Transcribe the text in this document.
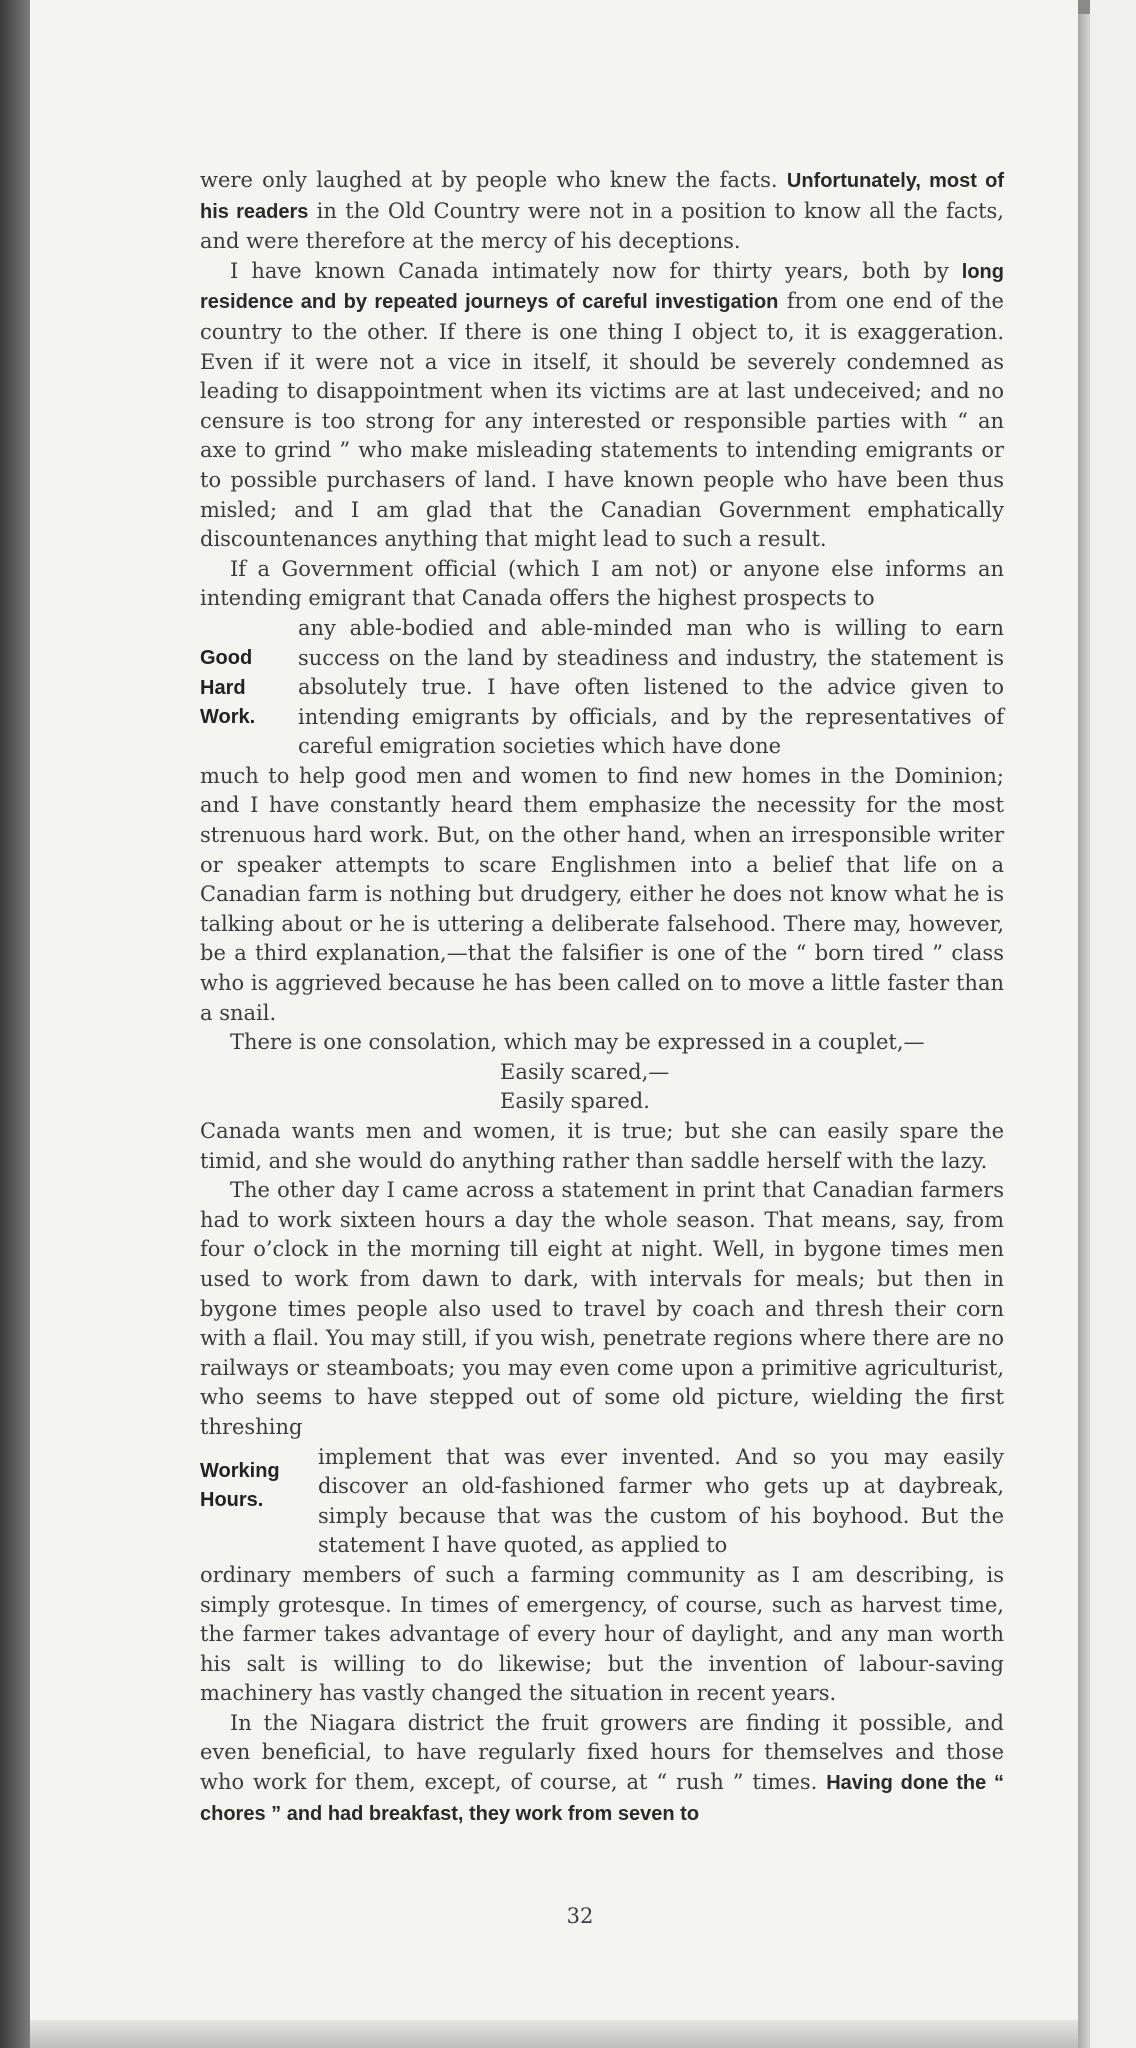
were only laughed at by people who knew the facts. Unfortunately, most of his readers in the Old Country were not in a position to know all the facts, and were therefore at the mercy of his deceptions.

I have known Canada intimately now for thirty years, both by long residence and by repeated journeys of careful investigation from one end of the country to the other. If there is one thing I object to, it is exaggeration. Even if it were not a vice in itself, it should be severely condemned as leading to disappointment when its victims are at last undeceived; and no censure is too strong for any interested or responsible parties with “ an axe to grind ” who make misleading statements to intending emigrants or to possible purchasers of land. I have known people who have been thus misled; and I am glad that the Canadian Government emphatically discountenances anything that might lead to such a result.

If a Government official (which I am not) or anyone else informs an intending emigrant that Canada offers the highest prospects to

Good
Hard
Work.
any able-bodied and able-minded man who is willing to earn success on the land by steadiness and industry, the statement is absolutely true. I have often listened to the advice given to intending emigrants by officials, and by the representatives of careful emigration societies which have done

much to help good men and women to find new homes in the Dominion; and I have constantly heard them emphasize the necessity for the most strenuous hard work. But, on the other hand, when an irresponsible writer or speaker attempts to scare Englishmen into a belief that life on a Canadian farm is nothing but drudgery, either he does not know what he is talking about or he is uttering a deliberate falsehood. There may, however, be a third explanation,—that the falsifier is one of the “ born tired ” class who is aggrieved because he has been called on to move a little faster than a snail.

There is one consolation, which may be expressed in a couplet,—

Easily scared,—
Easily spared.

Canada wants men and women, it is true; but she can easily spare the timid, and she would do anything rather than saddle herself with the lazy.

The other day I came across a statement in print that Canadian farmers had to work sixteen hours a day the whole season. That means, say, from four o’clock in the morning till eight at night. Well, in bygone times men used to work from dawn to dark, with intervals for meals; but then in bygone times people also used to travel by coach and thresh their corn with a flail. You may still, if you wish, penetrate regions where there are no railways or steamboats; you may even come upon a primitive agriculturist, who seems to have stepped out of some old picture, wielding the first threshing

Working
Hours.
implement that was ever invented. And so you may easily discover an old-fashioned farmer who gets up at daybreak, simply because that was the custom of his boyhood. But the statement I have quoted, as applied to

ordinary members of such a farming community as I am describing, is simply grotesque. In times of emergency, of course, such as harvest time, the farmer takes advantage of every hour of daylight, and any man worth his salt is willing to do likewise; but the invention of labour-saving machinery has vastly changed the situation in recent years.

In the Niagara district the fruit growers are finding it possible, and even beneficial, to have regularly fixed hours for themselves and those who work for them, except, of course, at “ rush ” times. Having done the “ chores ” and had breakfast, they work from seven to

32
